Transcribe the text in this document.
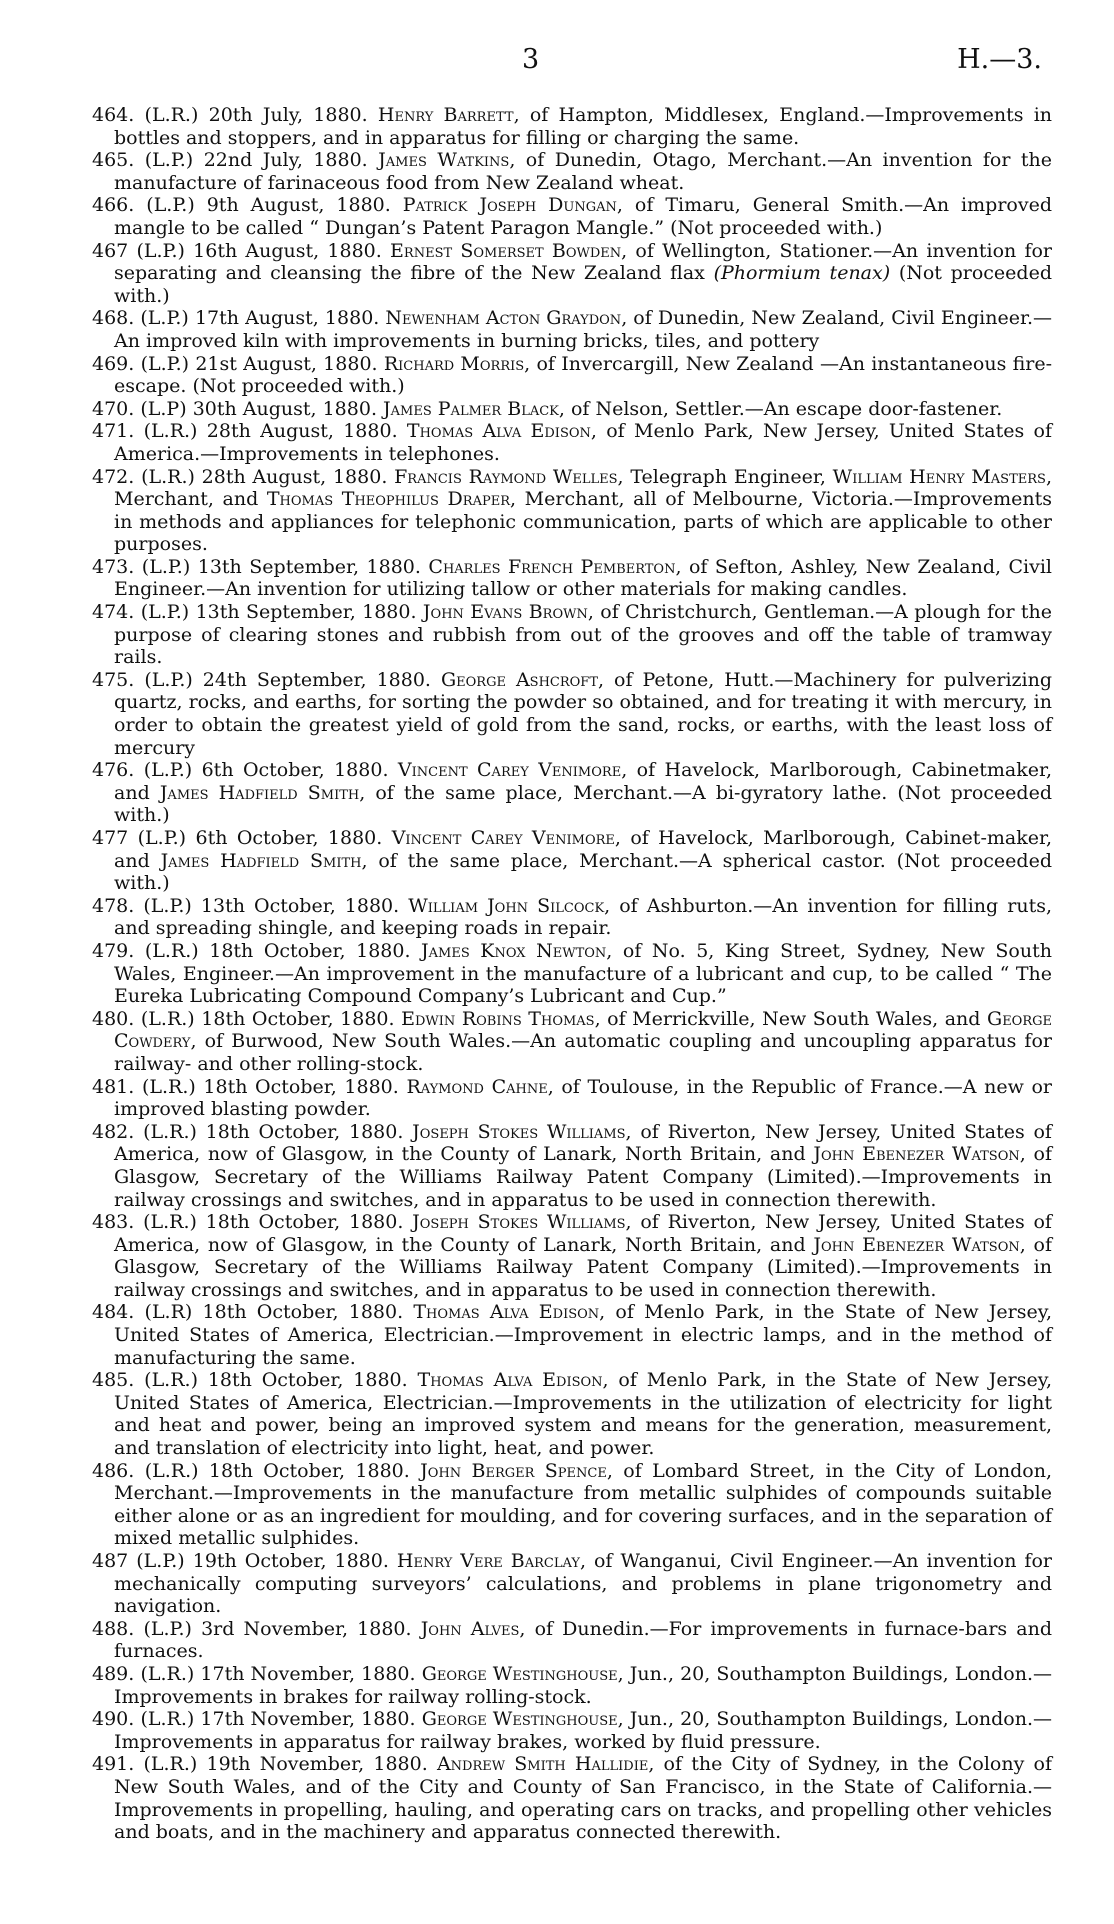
3	H.—3.

464. (L.R.) 20th July, 1880. Henry Barrett, of Hampton, Middlesex, England.—Improvements in bottles and stoppers, and in apparatus for filling or charging the same.

465. (L.P.) 22nd July, 1880. James Watkins, of Dunedin, Otago, Merchant.—An invention for the manufacture of farinaceous food from New Zealand wheat.

466. (L.P.) 9th August, 1880. Patrick Joseph Dungan, of Timaru, General Smith.—An improved mangle to be called “ Dungan’s Patent Paragon Mangle.” (Not proceeded with.)

467 (L.P.) 16th August, 1880. Ernest Somerset Bowden, of Wellington, Stationer.—An invention for separating and cleansing the fibre of the New Zealand flax (Phormium tenax) (Not proceeded with.)

468. (L.P.) 17th August, 1880. Newenham Acton Graydon, of Dunedin, New Zealand, Civil Engineer.—An improved kiln with improvements in burning bricks, tiles, and pottery

469. (L.P.) 21st August, 1880. Richard Morris, of Invercargill, New Zealand —An instantaneous fire-escape. (Not proceeded with.)

470. (L.P) 30th August, 1880. James Palmer Black, of Nelson, Settler.—An escape door-fastener.

471. (L.R.) 28th August, 1880. Thomas Alva Edison, of Menlo Park, New Jersey, United States of America.—Improvements in telephones.

472. (L.R.) 28th August, 1880. Francis Raymond Welles, Telegraph Engineer, William Henry Masters, Merchant, and Thomas Theophilus Draper, Merchant, all of Melbourne, Victoria.—Improvements in methods and appliances for telephonic communication, parts of which are applicable to other purposes.

473. (L.P.) 13th September, 1880. Charles French Pemberton, of Sefton, Ashley, New Zealand, Civil Engineer.—An invention for utilizing tallow or other materials for making candles.

474. (L.P.) 13th September, 1880. John Evans Brown, of Christchurch, Gentleman.—A plough for the purpose of clearing stones and rubbish from out of the grooves and off the table of tramway rails.

475. (L.P.) 24th September, 1880. George Ashcroft, of Petone, Hutt.—Machinery for pulverizing quartz, rocks, and earths, for sorting the powder so obtained, and for treating it with mercury, in order to obtain the greatest yield of gold from the sand, rocks, or earths, with the least loss of mercury

476. (L.P.) 6th October, 1880. Vincent Carey Venimore, of Havelock, Marlborough, Cabinetmaker, and James Hadfield Smith, of the same place, Merchant.—A bi-gyratory lathe. (Not proceeded with.)

477 (L.P.) 6th October, 1880. Vincent Carey Venimore, of Havelock, Marlborough, Cabinet-maker, and James Hadfield Smith, of the same place, Merchant.—A spherical castor. (Not proceeded with.)

478. (L.P.) 13th October, 1880. William John Silcock, of Ashburton.—An invention for filling ruts, and spreading shingle, and keeping roads in repair.

479. (L.R.) 18th October, 1880. James Knox Newton, of No. 5, King Street, Sydney, New South Wales, Engineer.—An improvement in the manufacture of a lubricant and cup, to be called “ The Eureka Lubricating Compound Company’s Lubricant and Cup.”

480. (L.R.) 18th October, 1880. Edwin Robins Thomas, of Merrickville, New South Wales, and George Cowdery, of Burwood, New South Wales.—An automatic coupling and uncoupling apparatus for railway- and other rolling-stock.

481. (L.R.) 18th October, 1880. Raymond Cahne, of Toulouse, in the Republic of France.—A new or improved blasting powder.

482. (L.R.) 18th October, 1880. Joseph Stokes Williams, of Riverton, New Jersey, United States of America, now of Glasgow, in the County of Lanark, North Britain, and John Ebenezer Watson, of Glasgow, Secretary of the Williams Railway Patent Company (Limited).—Improvements in railway crossings and switches, and in apparatus to be used in connection therewith.

483. (L.R.) 18th October, 1880. Joseph Stokes Williams, of Riverton, New Jersey, United States of America, now of Glasgow, in the County of Lanark, North Britain, and John Ebenezer Watson, of Glasgow, Secretary of the Williams Railway Patent Company (Limited).—Improvements in railway crossings and switches, and in apparatus to be used in connection therewith.

484. (L.R) 18th October, 1880. Thomas Alva Edison, of Menlo Park, in the State of New Jersey, United States of America, Electrician.—Improvement in electric lamps, and in the method of manufacturing the same.

485. (L.R.) 18th October, 1880. Thomas Alva Edison, of Menlo Park, in the State of New Jersey, United States of America, Electrician.—Improvements in the utilization of electricity for light and heat and power, being an improved system and means for the generation, measurement, and translation of electricity into light, heat, and power.

486. (L.R.) 18th October, 1880. John Berger Spence, of Lombard Street, in the City of London, Merchant.—Improvements in the manufacture from metallic sulphides of compounds suitable either alone or as an ingredient for moulding, and for covering surfaces, and in the separation of mixed metallic sulphides.

487 (L.P.) 19th October, 1880. Henry Vere Barclay, of Wanganui, Civil Engineer.—An invention for mechanically computing surveyors’ calculations, and problems in plane trigonometry and navigation.

488. (L.P.) 3rd November, 1880. John Alves, of Dunedin.—For improvements in furnace-bars and furnaces.

489. (L.R.) 17th November, 1880. George Westinghouse, Jun., 20, Southampton Buildings, London.—Improvements in brakes for railway rolling-stock.

490. (L.R.) 17th November, 1880. George Westinghouse, Jun., 20, Southampton Buildings, London.—Improvements in apparatus for railway brakes, worked by fluid pressure.

491. (L.R.) 19th November, 1880. Andrew Smith Hallidie, of the City of Sydney, in the Colony of New South Wales, and of the City and County of San Francisco, in the State of California.—Improvements in propelling, hauling, and operating cars on tracks, and propelling other vehicles and boats, and in the machinery and apparatus connected therewith.
